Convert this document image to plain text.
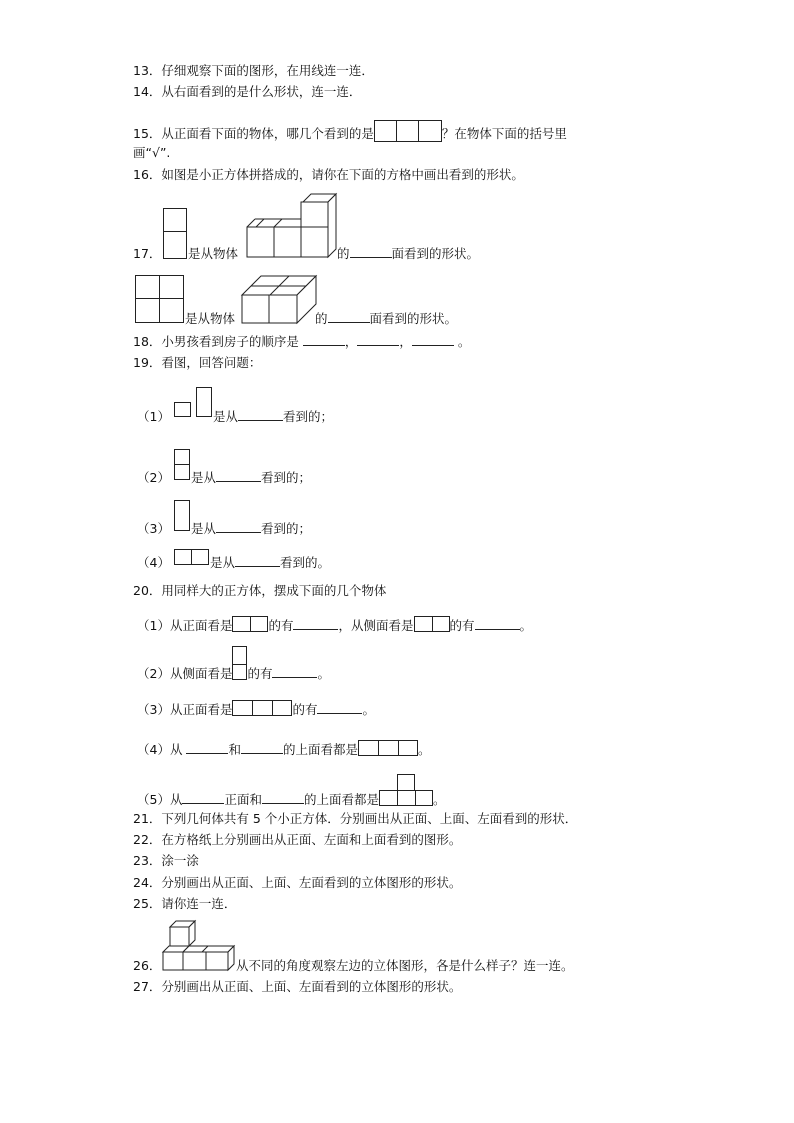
13．仔细观察下面的图形，在用线连一连．
14．从右面看到的是什么形状，连一连．
15．从正面看下面的物体，哪几个看到的是	？在物体下面的括号里
画“√”.
16．如图是小正方体拼搭成的，请你在下面的方格中画出看到的形状。
17． 是从物体	的	面看到的形状。
是从物体	的	面看到的形状。
18．小男孩看到房子的顺序是	，	，	。
19．看图，回答问题：
（1）	是从	看到的；
（2） 是从	看到的；
（3） 是从	看到的；
（4）	是从	看到的。
20．用同样大的正方体，摆成下面的几个物体
（1）从正面看是	的有	，从侧面看是	的有	。
（2）从侧面看是 的有	。
（3）从正面看是	的有	。
（4）从	和	的上面看都是	。
（5）从	正面和	的上面看都是	。
21．下列几何体共有 5 个小正方体．分别画出从正面、上面、左面看到的形状．
22．在方格纸上分别画出从正面、左面和上面看到的图形。
23．涂一涂
24．分别画出从正面、上面、左面看到的立体图形的形状。
25．请你连一连．
26．	从不同的角度观察左边的立体图形，各是什么样子？连一连。
27．分别画出从正面、上面、左面看到的立体图形的形状。
